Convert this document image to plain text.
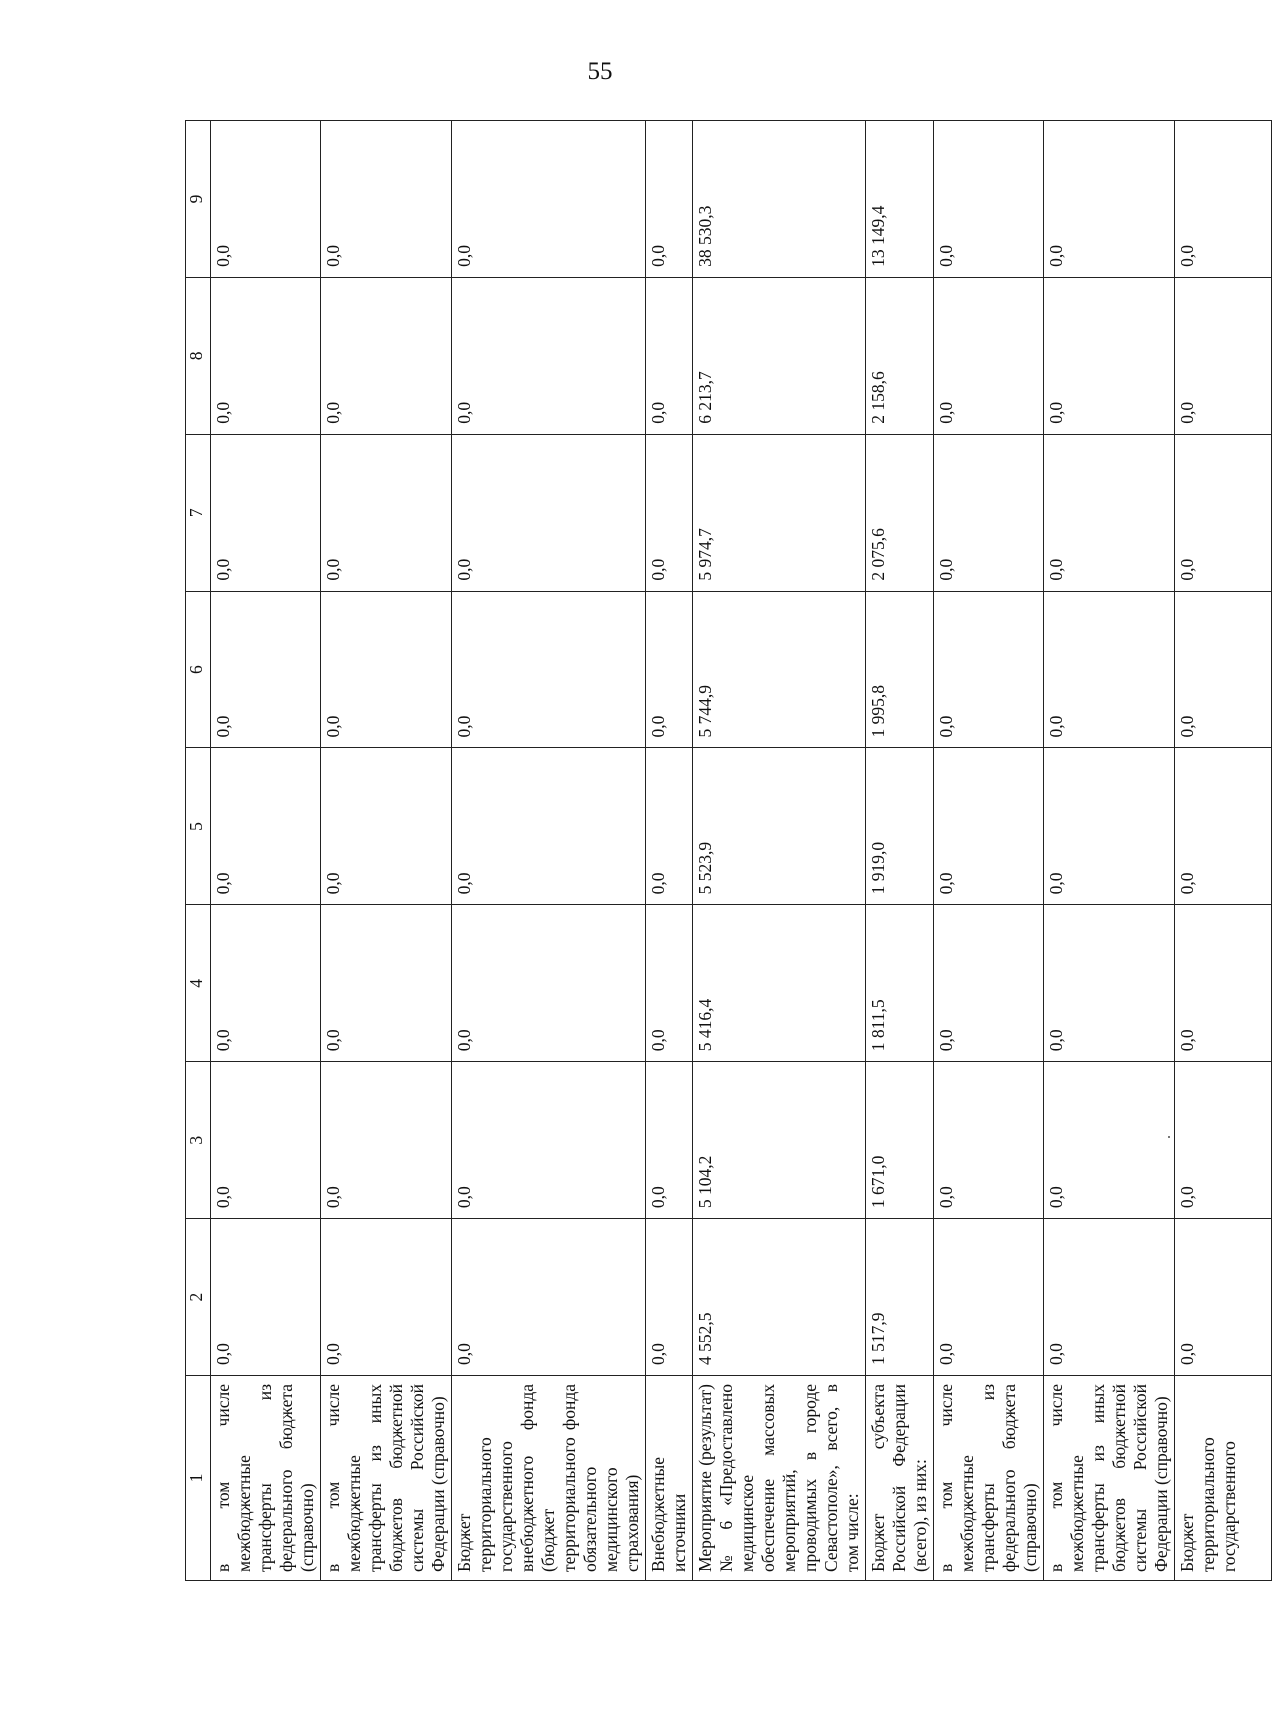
55
1	2	3	4	5	6	7	8	9
в том числе межбюджетные трансферты из федерального бюджета (справочно)	0,0	0,0	0,0	0,0	0,0	0,0	0,0	0,0
в том числе межбюджетные трансферты из иных бюджетов бюджетной системы Российской Федерации (справочно)	0,0	0,0	0,0	0,0	0,0	0,0	0,0	0,0
Бюджет территориального государственного внебюджетного фонда (бюджет территориального фонда обязательного медицинского страхования)	0,0	0,0	0,0	0,0	0,0	0,0	0,0	0,0
Внебюджетные источники	0,0	0,0	0,0	0,0	0,0	0,0	0,0	0,0
Мероприятие (результат) № 6 «Предоставлено медицинское обеспечение массовых мероприятий, проводимых в городе Севастополе», всего, в том числе:	4 552,5	5 104,2	5 416,4	5 523,9	5 744,9	5 974,7	6 213,7	38 530,3
Бюджет субъекта Российской Федерации (всего), из них:	1 517,9	1 671,0	1 811,5	1 919,0	1 995,8	2 075,6	2 158,6	13 149,4
в том числе межбюджетные трансферты из федерального бюджета (справочно)	0,0	0,0	0,0	0,0	0,0	0,0	0,0	0,0
в том числе межбюджетные трансферты из иных бюджетов бюджетной системы Российской Федерации (справочно)	0,0	0,0	0,0	0,0	0,0	0,0	0,0	0,0
Бюджет территориального государственного	0,0	0,0	0,0	0,0	0,0	0,0	0,0	0,0
